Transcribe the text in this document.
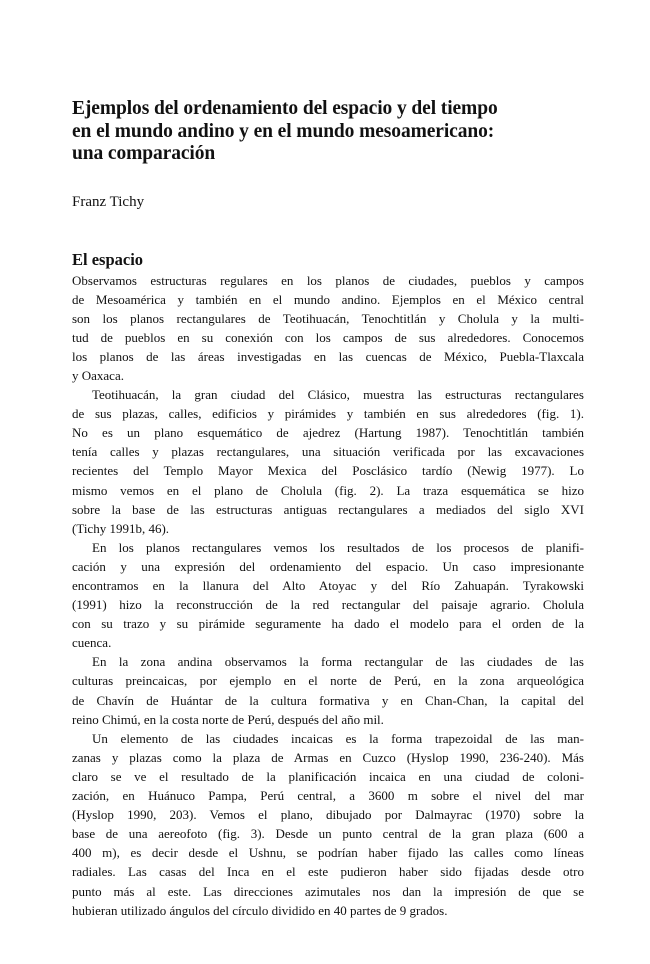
Ejemplos del ordenamiento del espacio y del tiempo
en el mundo andino y en el mundo mesoamericano:
una comparación
Franz Tichy
El espacio

Observamos estructuras regulares en los planos de ciudades, pueblos y campos
de Mesoamérica y también en el mundo andino. Ejemplos en el México central
son los planos rectangulares de Teotihuacán, Tenochtitlán y Cholula y la multi-
tud de pueblos en su conexión con los campos de sus alrededores. Conocemos
los planos de las áreas investigadas en las cuencas de México, Puebla-Tlaxcala
y Oaxaca.

Teotihuacán, la gran ciudad del Clásico, muestra las estructuras rectangulares
de sus plazas, calles, edificios y pirámides y también en sus alrededores (fig. 1).
No es un plano esquemático de ajedrez (Hartung 1987). Tenochtitlán también
tenía calles y plazas rectangulares, una situación verificada por las excavaciones
recientes del Templo Mayor Mexica del Posclásico tardío (Newig 1977). Lo
mismo vemos en el plano de Cholula (fig. 2). La traza esquemática se hizo
sobre la base de las estructuras antiguas rectangulares a mediados del siglo XVI
(Tichy 1991b, 46).

En los planos rectangulares vemos los resultados de los procesos de planifi-
cación y una expresión del ordenamiento del espacio. Un caso impresionante
encontramos en la llanura del Alto Atoyac y del Río Zahuapán. Tyrakowski
(1991) hizo la reconstrucción de la red rectangular del paisaje agrario. Cholula
con su trazo y su pirámide seguramente ha dado el modelo para el orden de la
cuenca.

En la zona andina observamos la forma rectangular de las ciudades de las
culturas preincaicas, por ejemplo en el norte de Perú, en la zona arqueológica
de Chavín de Huántar de la cultura formativa y en Chan-Chan, la capital del
reino Chimú, en la costa norte de Perú, después del año mil.

Un elemento de las ciudades incaicas es la forma trapezoidal de las man-
zanas y plazas como la plaza de Armas en Cuzco (Hyslop 1990, 236-240). Más
claro se ve el resultado de la planificación incaica en una ciudad de coloni-
zación, en Huánuco Pampa, Perú central, a 3600 m sobre el nivel del mar
(Hyslop 1990, 203). Vemos el plano, dibujado por Dalmayrac (1970) sobre la
base de una aereofoto (fig. 3). Desde un punto central de la gran plaza (600 a
400 m), es decir desde el Ushnu, se podrían haber fijado las calles como líneas
radiales. Las casas del Inca en el este pudieron haber sido fijadas desde otro
punto más al este. Las direcciones azimutales nos dan la impresión de que se
hubieran utilizado ángulos del círculo dividido en 40 partes de 9 grados.
